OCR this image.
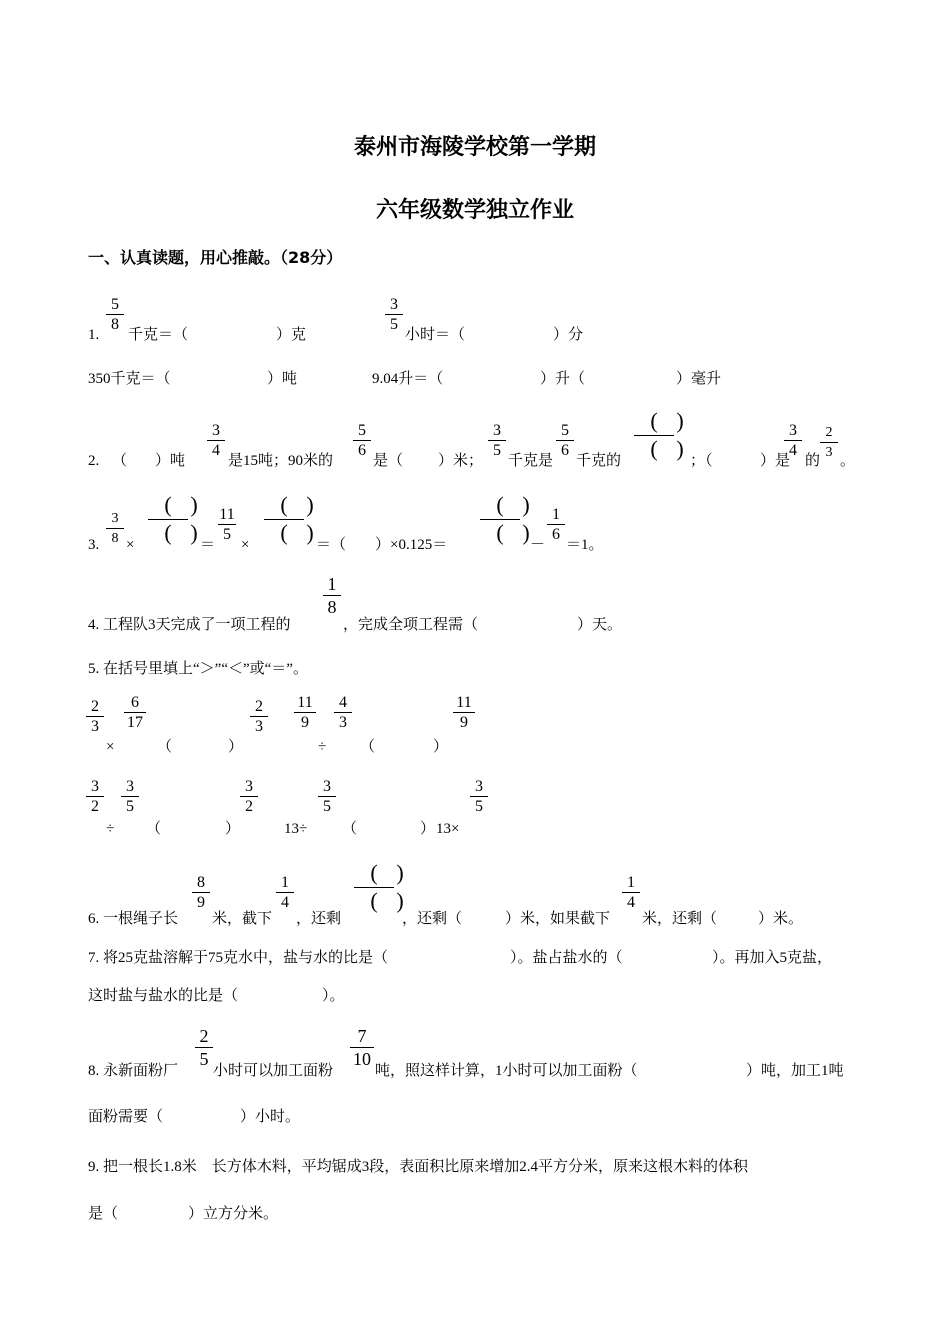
泰州市海陵学校第一学期
六年级数学独立作业
一、认真读题，用心推敲。（28分）
1.
5
8
千克＝（	）克
3
5
小时＝（	）分
350千克＝（	）吨	9.04升＝（	）升（	）毫升
2. （ ）吨
3
4
是15吨；90米的
5
6
是（ ）米；
3
5
千克是
5
6
千克的
(
(
)
) ；（	）是
3
4
的
2
3
。
3.
3
8 ×
(
(
)
) ＝
11
5
×
(
(
)
) ＝（ ）×0.125＝
(
(
)
) －
1
6
＝1。
4. 工程队3天完成了一项工程的
1
8
，完成全项工程需（	）天。
5. 在括号里填上“＞”“＜”或“＝”。
2
3
×
6
17
（	）
2
3
11
9
÷
4
3
（	）
11
9
3
2
÷
3
5
（	）
3
2
13÷
3
5
（	） 13×
3
5
6. 一根绳子长
8
9
米，截下
1
4
，还剩
(
(
)
)
，还剩（	）米，如果截下
1
4
米，还剩（	）米。
7. 将25克盐溶解于75克水中，盐与水的比是（	）。盐占盐水的（	）。再加入5克盐，
这时盐与盐水的比是（	）。
8. 永新面粉厂
2
5
小时可以加工面粉
7
10
吨，照这样计算，1小时可以加工面粉（	）吨，加工1吨
面粉需要（	）小时。
9. 把一根长1.8米　长方体木料，平均锯成3段，表面积比原来增加2.4平方分米，原来这根木料的体积
是（	）立方分米。
